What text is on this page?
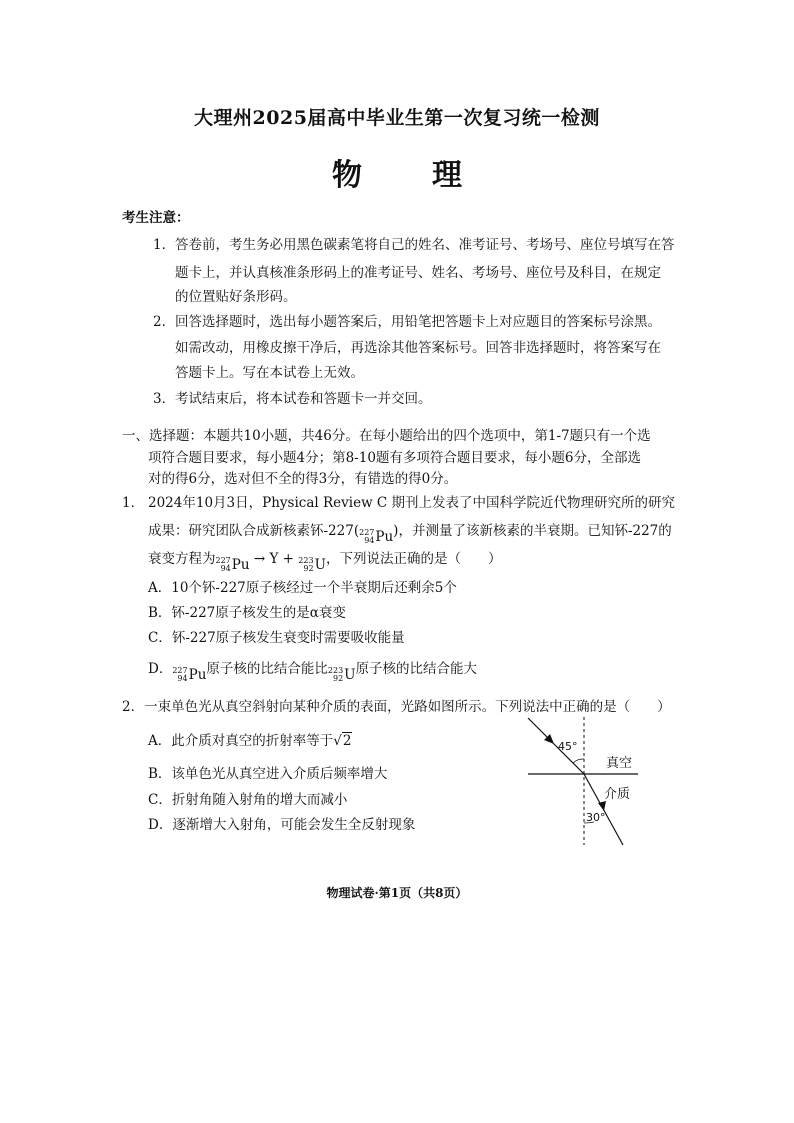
大理州2025届高中毕业生第一次复习统一检测
物　理
考生注意：
1． 答卷前，考生务必用黑色碳素笔将自己的姓名、准考证号、考场号、座位号填写在答
题卡上，并认真核准条形码上的准考证号、姓名、考场号、座位号及科目，在规定
的位置贴好条形码。
2． 回答选择题时，选出每小题答案后，用铅笔把答题卡上对应题目的答案标号涂黑。
如需改动，用橡皮擦干净后，再选涂其他答案标号。回答非选择题时，将答案写在
答题卡上。写在本试卷上无效。
3． 考试结束后，将本试卷和答题卡一并交回。
一、选择题：本题共10小题，共46分。在每小题给出的四个选项中，第1-7题只有一个选
项符合题目要求，每小题4分；第8-10题有多项符合题目要求，每小题6分，全部选
对的得6分，选对但不全的得3分，有错选的得0分。
1． 2024年10月3日，Physical Review C 期刊上发表了中国科学院近代物理研究所的研究
成果：研究团队合成新核素钚-227( 227
94 Pu )，并测量了该新核素的半衰期。已知钚-227的
衰变方程为 227
94 Pu → Y + 223
92 U ，下列说法正确的是（　　）
A．10个钚-227原子核经过一个半衰期后还剩余5个
B．钚-227原子核发生的是α衰变
C．钚-227原子核发生衰变时需要吸收能量
D． 227
94 Pu 原子核的比结合能比 223
92 U 原子核的比结合能大
2．一束单色光从真空斜射向某种介质的表面，光路如图所示。下列说法中正确的是（　　）
A．此介质对真空的折射率等于√2
B．该单色光从真空进入介质后频率增大
C．折射角随入射角的增大而减小
D．逐渐增大入射角，可能会发生全反射现象
45°
30°
真空
介质
物理试卷·第1页（共8页）
